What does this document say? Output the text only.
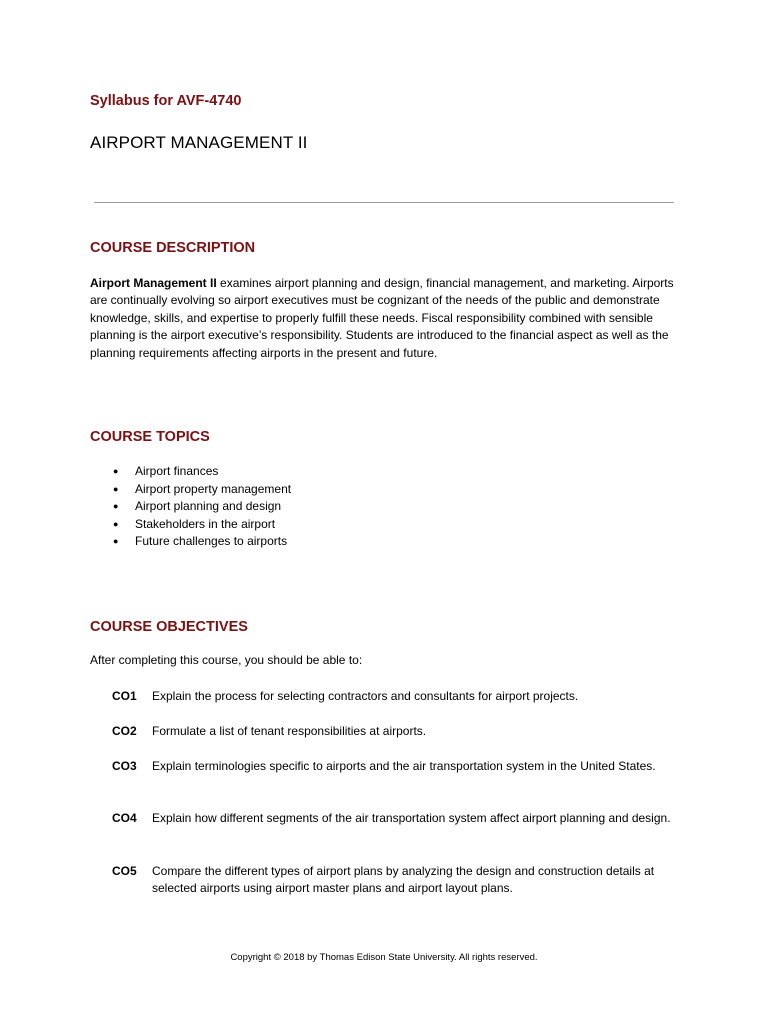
Syllabus for AVF-4740
AIRPORT MANAGEMENT II
COURSE DESCRIPTION
Airport Management II examines airport planning and design, financial management, and marketing. Airports are continually evolving so airport executives must be cognizant of the needs of the public and demonstrate knowledge, skills, and expertise to properly fulfill these needs. Fiscal responsibility combined with sensible planning is the airport executive’s responsibility. Students are introduced to the financial aspect as well as the planning requirements affecting airports in the present and future.
COURSE TOPICS
● Airport finances
● Airport property management
● Airport planning and design
● Stakeholders in the airport
● Future challenges to airports
COURSE OBJECTIVES
After completing this course, you should be able to:
CO1 Explain the process for selecting contractors and consultants for airport projects.
CO2 Formulate a list of tenant responsibilities at airports.
CO3 Explain terminologies specific to airports and the air transportation system in the United States.
CO4 Explain how different segments of the air transportation system affect airport planning and design.
CO5 Compare the different types of airport plans by analyzing the design and construction details at selected airports using airport master plans and airport layout plans.
Copyright © 2018 by Thomas Edison State University. All rights reserved.
